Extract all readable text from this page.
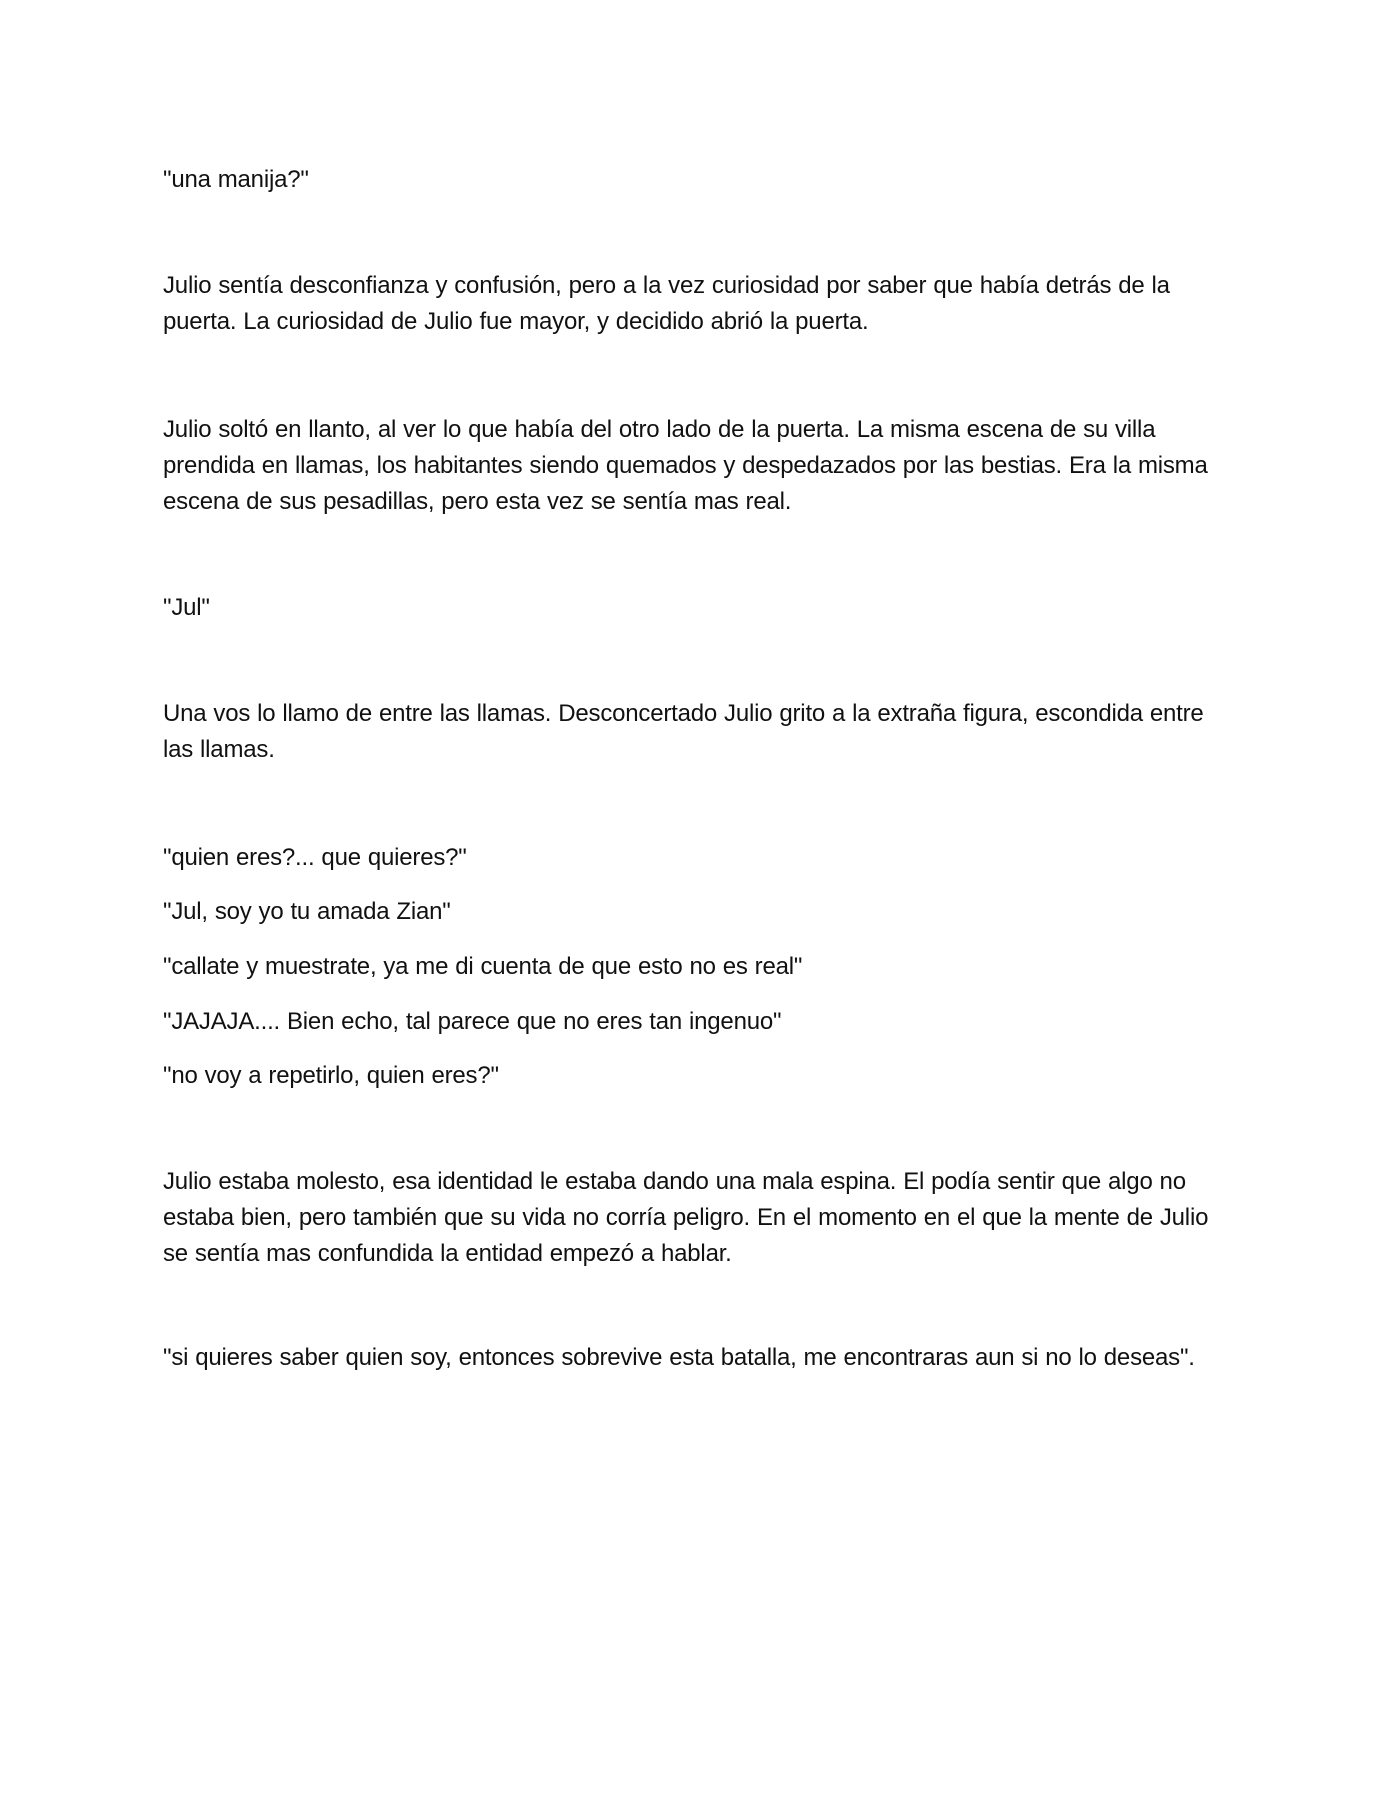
"una manija?"

Julio sentía desconfianza y confusión, pero a la vez curiosidad por saber que había detrás de la puerta. La curiosidad de Julio fue mayor, y decidido abrió la puerta.

Julio soltó en llanto, al ver lo que había del otro lado de la puerta. La misma escena de su villa prendida en llamas, los habitantes siendo quemados y despedazados por las bestias. Era la misma escena de sus pesadillas, pero esta vez se sentía mas real.

"Jul"

Una vos lo llamo de entre las llamas. Desconcertado Julio grito a la extraña figura, escondida entre las llamas.

"quien eres?... que quieres?"

"Jul, soy yo tu amada Zian"

"callate y muestrate, ya me di cuenta de que esto no es real"

"JAJAJA.... Bien echo, tal parece que no eres tan ingenuo"

"no voy a repetirlo, quien eres?"

Julio estaba molesto, esa identidad le estaba dando una mala espina. El podía sentir que algo no estaba bien, pero también que su vida no corría peligro. En el momento en el que la mente de Julio se sentía mas confundida la entidad empezó a hablar.

"si quieres saber quien soy, entonces sobrevive esta batalla, me encontraras aun si no lo deseas".
